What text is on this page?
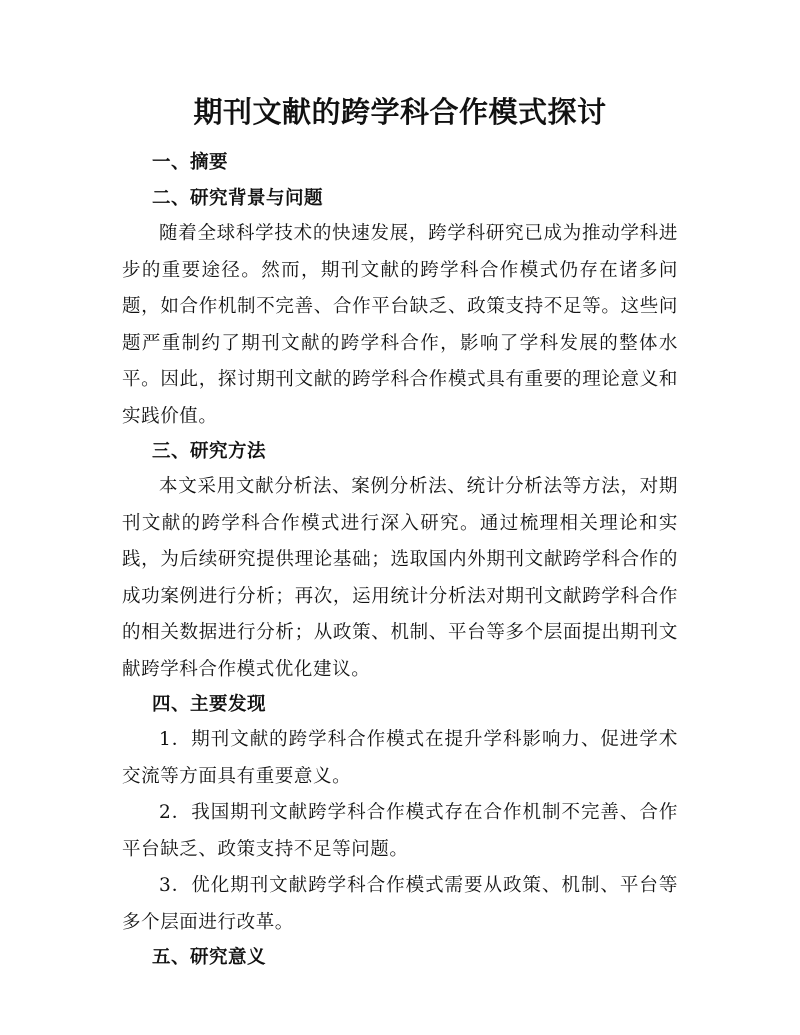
期刊文献的跨学科合作模式探讨

一、摘要

二、研究背景与问题

随着全球科学技术的快速发展，跨学科研究已成为推动学科进步的重要途径。然而，期刊文献的跨学科合作模式仍存在诸多问题，如合作机制不完善、合作平台缺乏、政策支持不足等。这些问题严重制约了期刊文献的跨学科合作，影响了学科发展的整体水平。因此，探讨期刊文献的跨学科合作模式具有重要的理论意义和实践价值。

三、研究方法

本文采用文献分析法、案例分析法、统计分析法等方法，对期刊文献的跨学科合作模式进行深入研究。通过梳理相关理论和实践，为后续研究提供理论基础；选取国内外期刊文献跨学科合作的成功案例进行分析；再次，运用统计分析法对期刊文献跨学科合作的相关数据进行分析；从政策、机制、平台等多个层面提出期刊文献跨学科合作模式优化建议。

四、主要发现

1．期刊文献的跨学科合作模式在提升学科影响力、促进学术交流等方面具有重要意义。

2．我国期刊文献跨学科合作模式存在合作机制不完善、合作平台缺乏、政策支持不足等问题。

3．优化期刊文献跨学科合作模式需要从政策、机制、平台等多个层面进行改革。

五、研究意义
